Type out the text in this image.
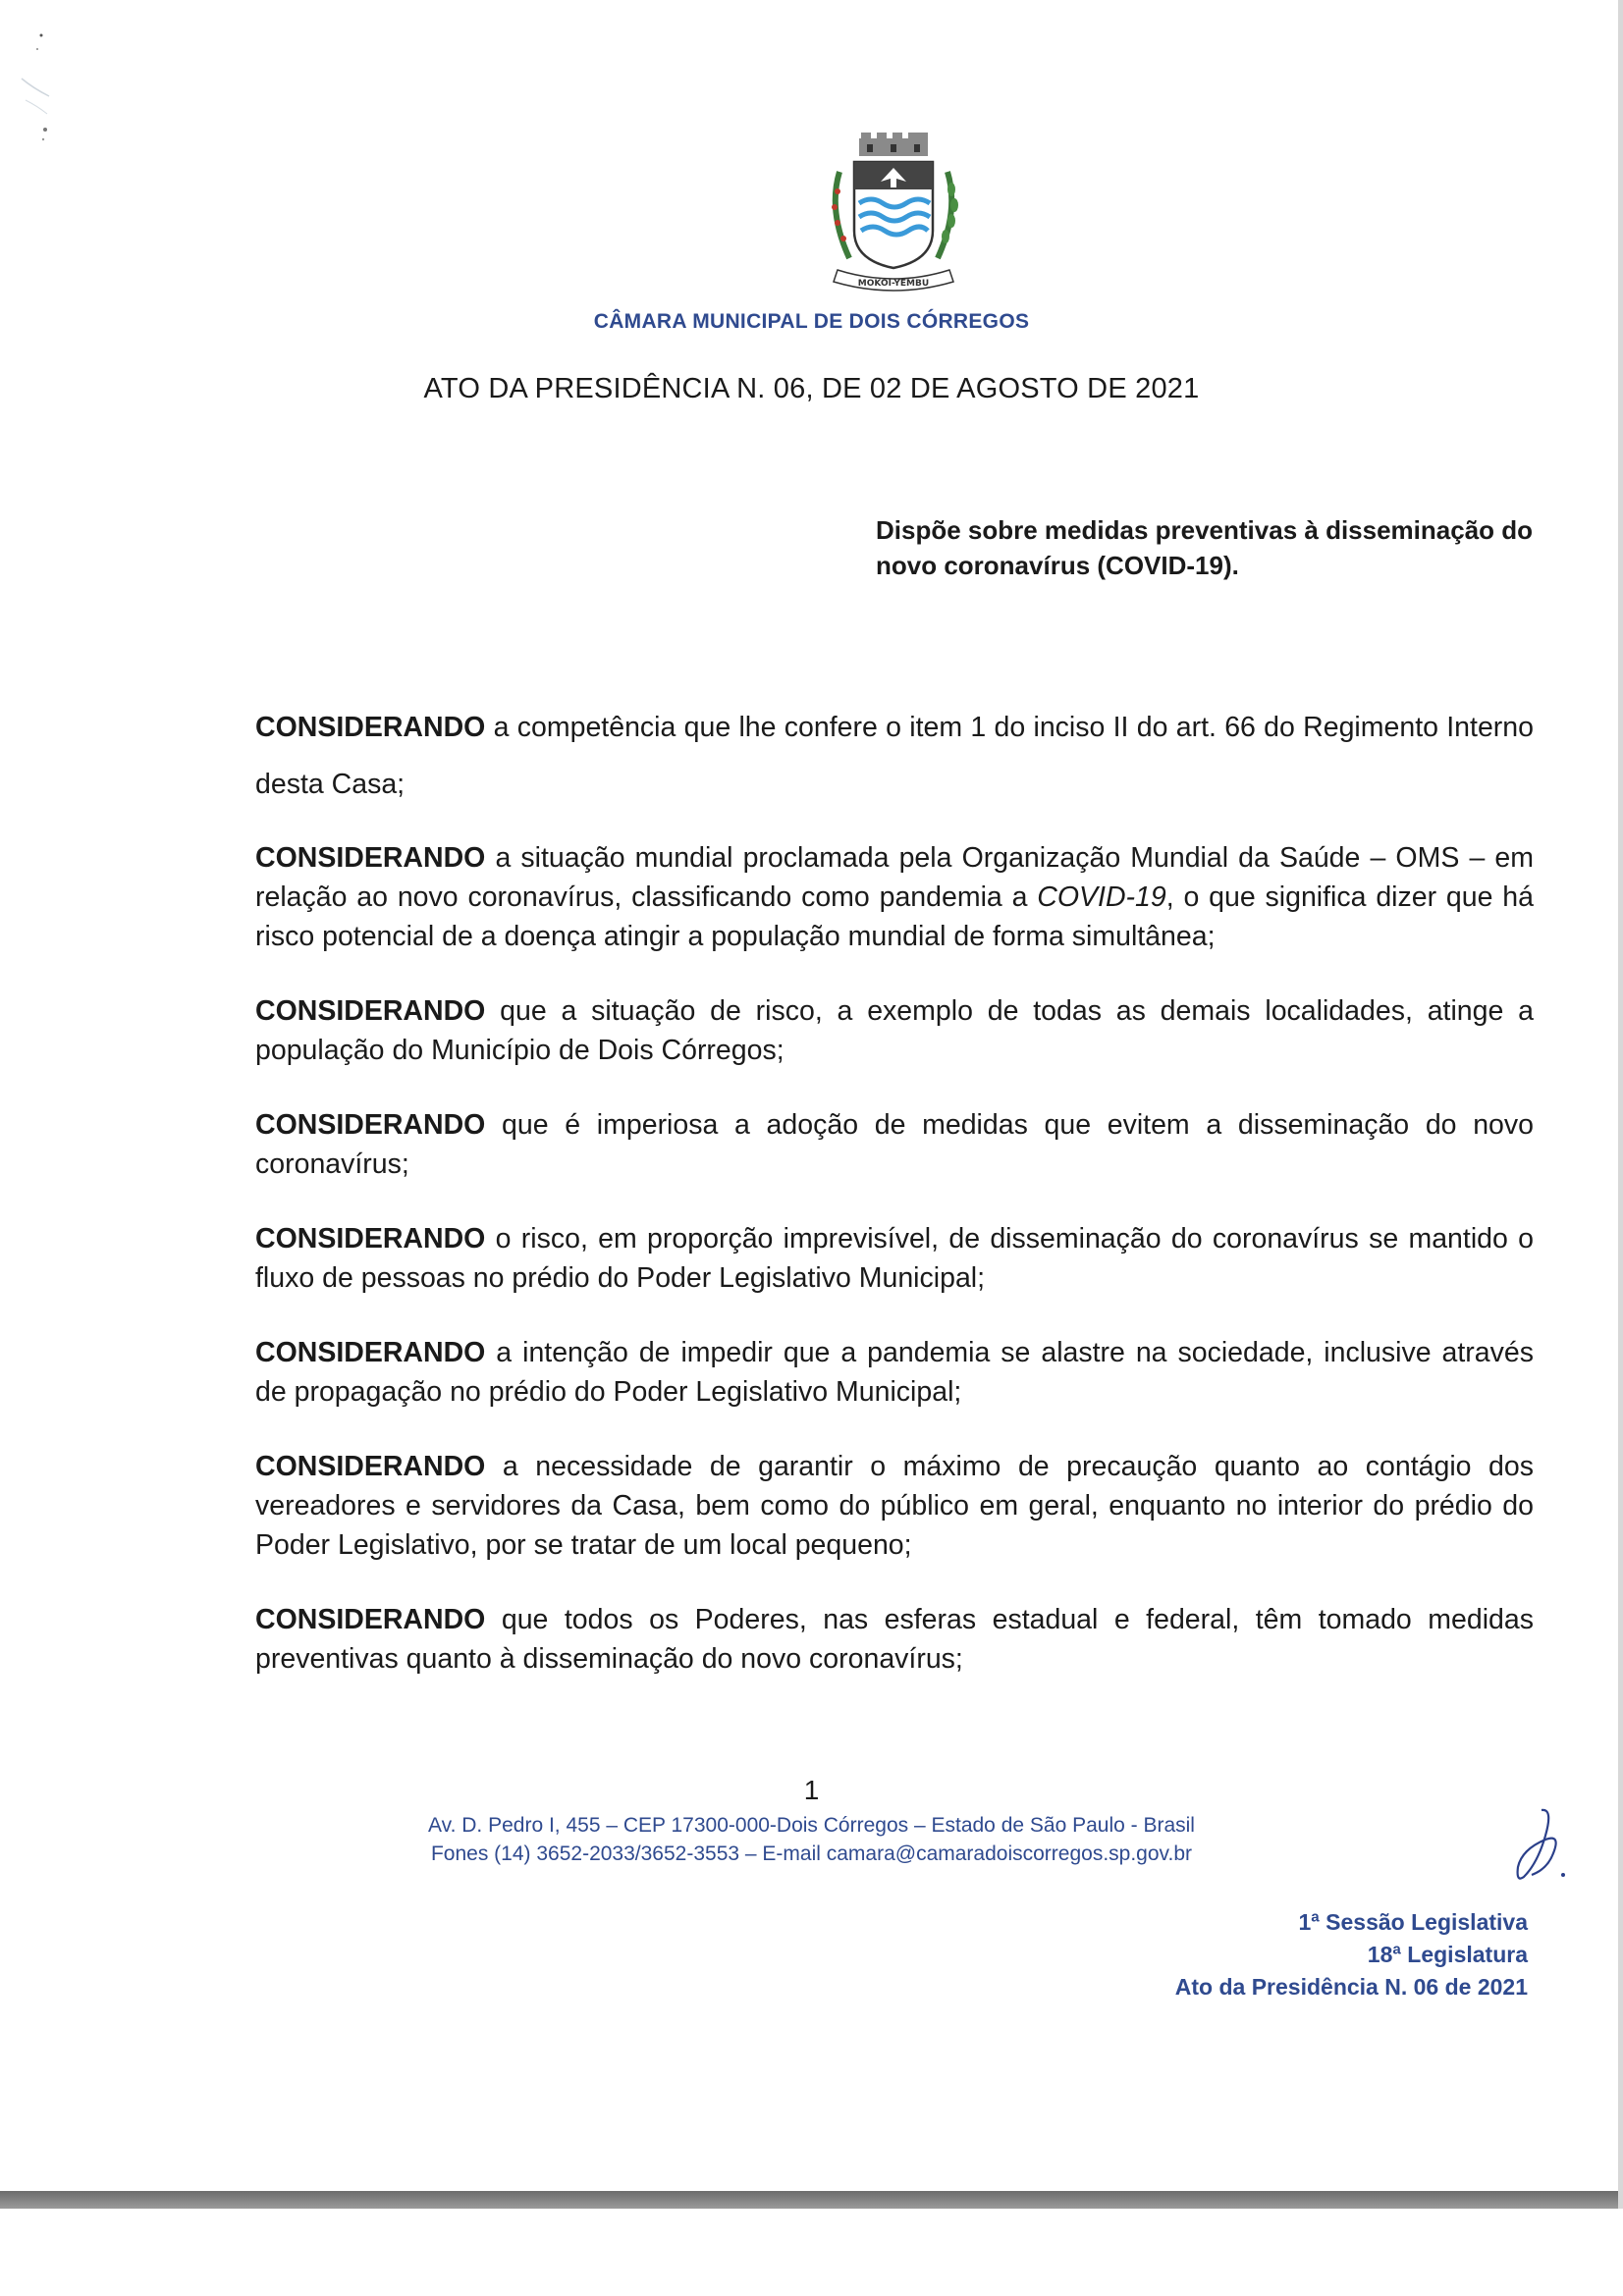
MOKOI-YEMBU
CÂMARA MUNICIPAL DE DOIS CÓRREGOS
ATO DA PRESIDÊNCIA N. 06, DE 02 DE AGOSTO DE 2021
Dispõe sobre medidas preventivas à disseminação do novo coronavírus (COVID-19).

CONSIDERANDO a competência que lhe confere o item 1 do inciso II do art. 66 do Regimento Interno desta Casa;

CONSIDERANDO a situação mundial proclamada pela Organização Mundial da Saúde – OMS – em relação ao novo coronavírus, classificando como pandemia a COVID-19, o que significa dizer que há risco potencial de a doença atingir a população mundial de forma simultânea;

CONSIDERANDO que a situação de risco, a exemplo de todas as demais localidades, atinge a população do Município de Dois Córregos;

CONSIDERANDO que é imperiosa a adoção de medidas que evitem a disseminação do novo coronavírus;

CONSIDERANDO o risco, em proporção imprevisível, de disseminação do coronavírus se mantido o fluxo de pessoas no prédio do Poder Legislativo Municipal;

CONSIDERANDO a intenção de impedir que a pandemia se alastre na sociedade, inclusive através de propagação no prédio do Poder Legislativo Municipal;

CONSIDERANDO a necessidade de garantir o máximo de precaução quanto ao contágio dos vereadores e servidores da Casa, bem como do público em geral, enquanto no interior do prédio do Poder Legislativo, por se tratar de um local pequeno;

CONSIDERANDO que todos os Poderes, nas esferas estadual e federal, têm tomado medidas preventivas quanto à disseminação do novo coronavírus;

1
Av. D. Pedro I, 455 – CEP 17300-000-Dois Córregos – Estado de São Paulo - Brasil
Fones (14) 3652-2033/3652-3553 – E-mail camara@camaradoiscorregos.sp.gov.br
1ª Sessão Legislativa
18ª Legislatura
Ato da Presidência N. 06 de 2021
